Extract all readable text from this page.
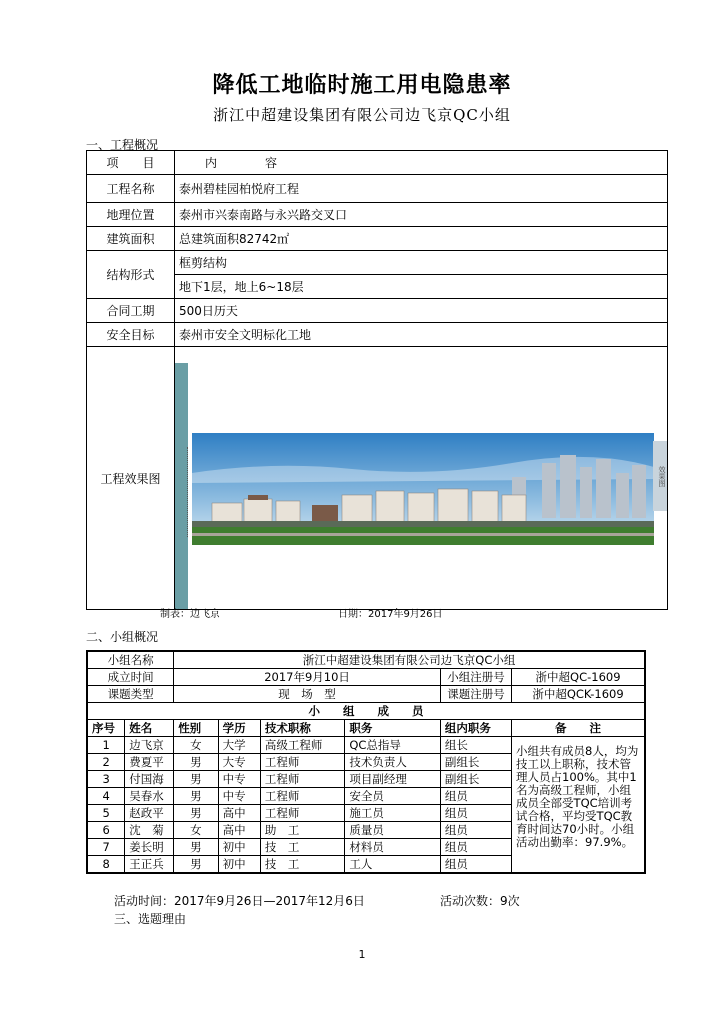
降低工地临时施工用电隐患率
浙江中超建设集团有限公司边飞京QC小组
一、工程概况
项　　目	内　　　　容
工程名称	泰州碧桂园柏悦府工程
地理位置	泰州市兴泰南路与永兴路交叉口
建筑面积	总建筑面积82742㎡
结构形式	框剪结构
	地下1层，地上6~18层
合同工期	500日历天
安全目标	泰州市安全文明标化工地
工程效果图	效果图
制表：边飞京	日期：2017年9月26日
二、小组概况
小组名称		浙江中超建设集团有限公司边飞京QC小组					
成立时间		2017年9月10日				小组注册号	浙中超QC-1609
课题类型		现　场　型				课题注册号	浙中超QCK-1609
小　　组　　成　　员							
序号	姓名	性别	学历	技术职称	职务	组内职务	备　　注
1	边飞京	女	大学	高级工程师	QC总指导	组长	小组共有成员8人，均为技工以上职称，技术管理人员占100%。其中1名为高级工程师，小组成员全部受TQC培训考试合格，平均受TQC教育时间达70小时。小组活动出勤率：97.9%。
2	费夏平	男	大专	工程师	技术负责人	副组长	
3	付国海	男	中专	工程师	项目副经理	副组长	
4	吴春水	男	中专	工程师	安全员	组员	
5	赵政平	男	高中	工程师	施工员	组员	
6	沈　菊	女	高中	助　工	质量员	组员	
7	姜长明	男	初中	技　工	材料员	组员	
8	王正兵	男	初中	技　工	工人	组员	
活动时间：2017年9月26日—2017年12月6日	活动次数：9次
三、选题理由
1
